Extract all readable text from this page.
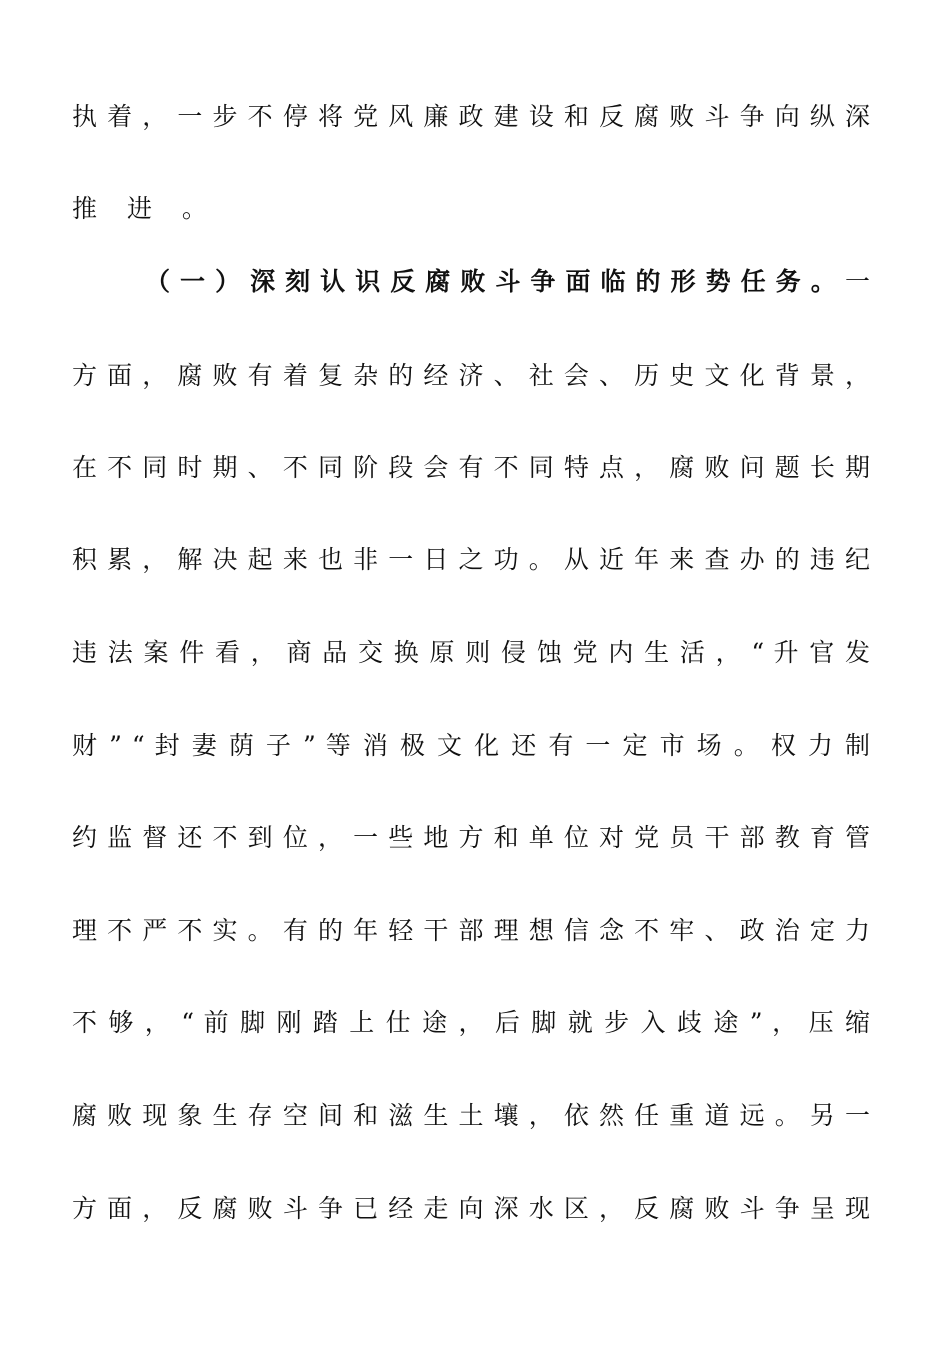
执 着 ， 一 步 不 停 将 党 风 廉 政 建 设 和 反 腐 败 斗 争 向 纵 深
推 进 。
（ 一 ） 深 刻 认 识 反 腐 败 斗 争 面 临 的 形 势 任 务 。 一
方 面 ， 腐 败 有 着 复 杂 的 经 济 、 社 会 、 历 史 文 化 背 景 ，
在 不 同 时 期 、 不 同 阶 段 会 有 不 同 特 点 ， 腐 败 问 题 长 期
积 累 ， 解 决 起 来 也 非 一 日 之 功 。 从 近 年 来 查 办 的 违 纪
违 法 案 件 看 ， 商 品 交 换 原 则 侵 蚀 党 内 生 活 ， “ 升 官 发
财 ” “ 封 妻 荫 子 ” 等 消 极 文 化 还 有 一 定 市 场 。 权 力 制
约 监 督 还 不 到 位 ， 一 些 地 方 和 单 位 对 党 员 干 部 教 育 管
理 不 严 不 实 。 有 的 年 轻 干 部 理 想 信 念 不 牢 、 政 治 定 力
不 够 ， “ 前 脚 刚 踏 上 仕 途 ， 后 脚 就 步 入 歧 途 ” ， 压 缩
腐 败 现 象 生 存 空 间 和 滋 生 土 壤 ， 依 然 任 重 道 远 。 另 一
方 面 ， 反 腐 败 斗 争 已 经 走 向 深 水 区 ， 反 腐 败 斗 争 呈 现
